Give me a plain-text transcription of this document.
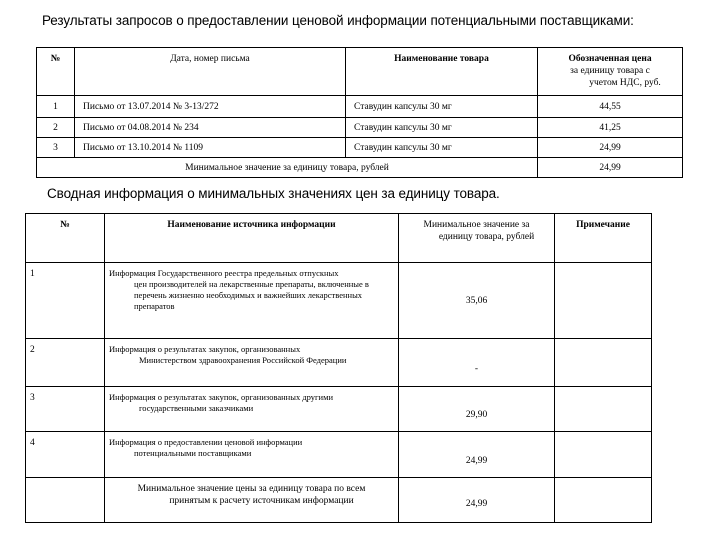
Результаты запросов о предоставлении ценовой информации потенциальными поставщиками:
№	Дата, номер письма	Наименование товара	Обозначенная цена
за единицу товара с
учетом НДС, руб.
1	Письмо от 13.07.2014 № 3-13/272	Ставудин капсулы 30 мг	44,55
2	Письмо от 04.08.2014 № 234	Ставудин капсулы 30 мг	41,25
3	Письмо от 13.10.2014 № 1109	Ставудин капсулы 30 мг	24,99
Минимальное значение за единицу товара, рублей			24,99
Сводная информация о минимальных значениях цен за единицу товара.
№	Наименование источника информации	Минимальное значение за
единицу товара, рублей	Примечание
1	Информация Государственного реестра предельных отпускных
цен производителей на лекарственные препараты, включенные в перечень жизненно необходимых и важнейших лекарственных препаратов	35,06	
2	Информация о результатах закупок, организованных
Министерством здравоохранения Российской Федерации	-	
3	Информация о результатах закупок, организованных другими
государственными заказчиками	29,90	
4	Информация о предоставлении ценовой информации
потенциальными поставщиками	24,99	
	Минимальное значение цены за единицу товара по всем
принятым к расчету источникам информации	24,99	
